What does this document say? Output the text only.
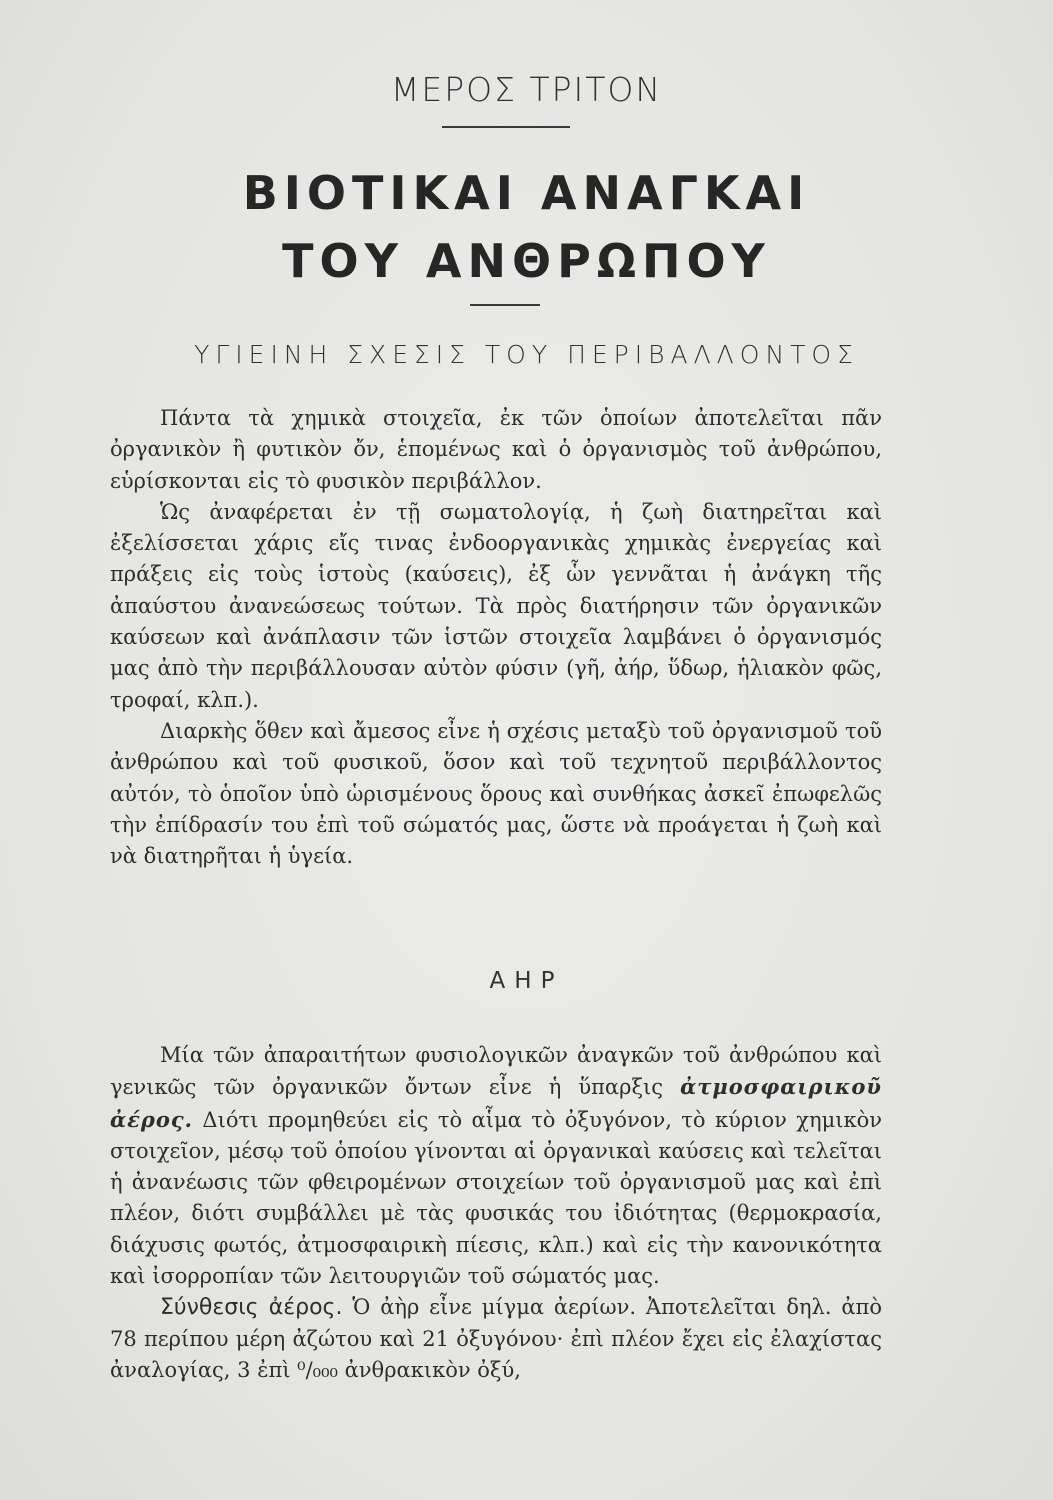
ΜΕΡΟΣ ΤΡΙΤΟΝ
ΒΙΟΤΙΚΑΙ ΑΝΑΓΚΑΙ
ΤΟΥ ΑΝΘΡΩΠΟΥ
ΥΓΙΕΙΝΗ ΣΧΕΣΙΣ ΤΟΥ ΠΕΡΙΒΑΛΛΟΝΤΟΣ

Πάντα τὰ χημικὰ στοιχεῖα, ἐκ τῶν ὁποίων ἀποτελεῖται πᾶν ὀργανικὸν ἢ φυτικὸν ὄν, ἑπομένως καὶ ὁ ὀργανισμὸς τοῦ ἀνθρώπου, εὑρίσκονται εἰς τὸ φυσικὸν περιβάλλον.

Ὡς ἀναφέρεται ἐν τῇ σωματολογίᾳ, ἡ ζωὴ διατηρεῖται καὶ ἐξελίσσεται χάρις εἴς τινας ἐνδοοργανικὰς χημικὰς ἐνεργείας καὶ πράξεις εἰς τοὺς ἱστοὺς (καύσεις), ἐξ ὧν γεννᾶται ἡ ἀνάγκη τῆς ἀπαύστου ἀνανεώσεως τούτων. Τὰ πρὸς διατήρησιν τῶν ὀργανικῶν καύσεων καὶ ἀνάπλασιν τῶν ἱστῶν στοιχεῖα λαμβάνει ὁ ὀργανισμός μας ἀπὸ τὴν περιβάλλουσαν αὐτὸν φύσιν (γῆ, ἀήρ, ὕδωρ, ἡλιακὸν φῶς, τροφαί, κλπ.).

Διαρκὴς ὅθεν καὶ ἄμεσος εἶνε ἡ σχέσις μεταξὺ τοῦ ὀργανισμοῦ τοῦ ἀνθρώπου καὶ τοῦ φυσικοῦ, ὅσον καὶ τοῦ τεχνητοῦ περιβάλλοντος αὐτόν, τὸ ὁποῖον ὑπὸ ὡρισμένους ὅρους καὶ συνθήκας ἀσκεῖ ἐπωφελῶς τὴν ἐπίδρασίν του ἐπὶ τοῦ σώματός μας, ὥστε νὰ προάγεται ἡ ζωὴ καὶ νὰ διατηρῆται ἡ ὑγεία.

ΑΗΡ

Μία τῶν ἀπαραιτήτων φυσιολογικῶν ἀναγκῶν τοῦ ἀνθρώπου καὶ γενικῶς τῶν ὀργανικῶν ὄντων εἶνε ἡ ὕπαρξις ἀτμοσφαιρικοῦ ἀέρος. Διότι προμηθεύει εἰς τὸ αἷμα τὸ ὀξυγόνον, τὸ κύριον χημικὸν στοιχεῖον, μέσῳ τοῦ ὁποίου γίνονται αἱ ὀργανικαὶ καύσεις καὶ τελεῖται ἡ ἀνανέωσις τῶν φθειρομένων στοιχείων τοῦ ὀργανισμοῦ μας καὶ ἐπὶ πλέον, διότι συμβάλλει μὲ τὰς φυσικάς του ἰδιότητας (θερμοκρασία, διάχυσις φωτός, ἀτμοσφαιρικὴ πίεσις, κλπ.) καὶ εἰς τὴν κανονικότητα καὶ ἰσορροπίαν τῶν λειτουργιῶν τοῦ σώματός μας.

Σύνθεσις ἀέρος. Ὁ ἀὴρ εἶνε μίγμα ἀερίων. Ἀποτελεῖται δηλ. ἀπὸ 78 περίπου μέρη ἀζώτου καὶ 21 ὀξυγόνου· ἐπὶ πλέον ἔχει εἰς ἐλαχίστας ἀναλογίας, 3 ἐπὶ ⁰/₀₀₀ ἀνθρακικὸν ὀξύ,
